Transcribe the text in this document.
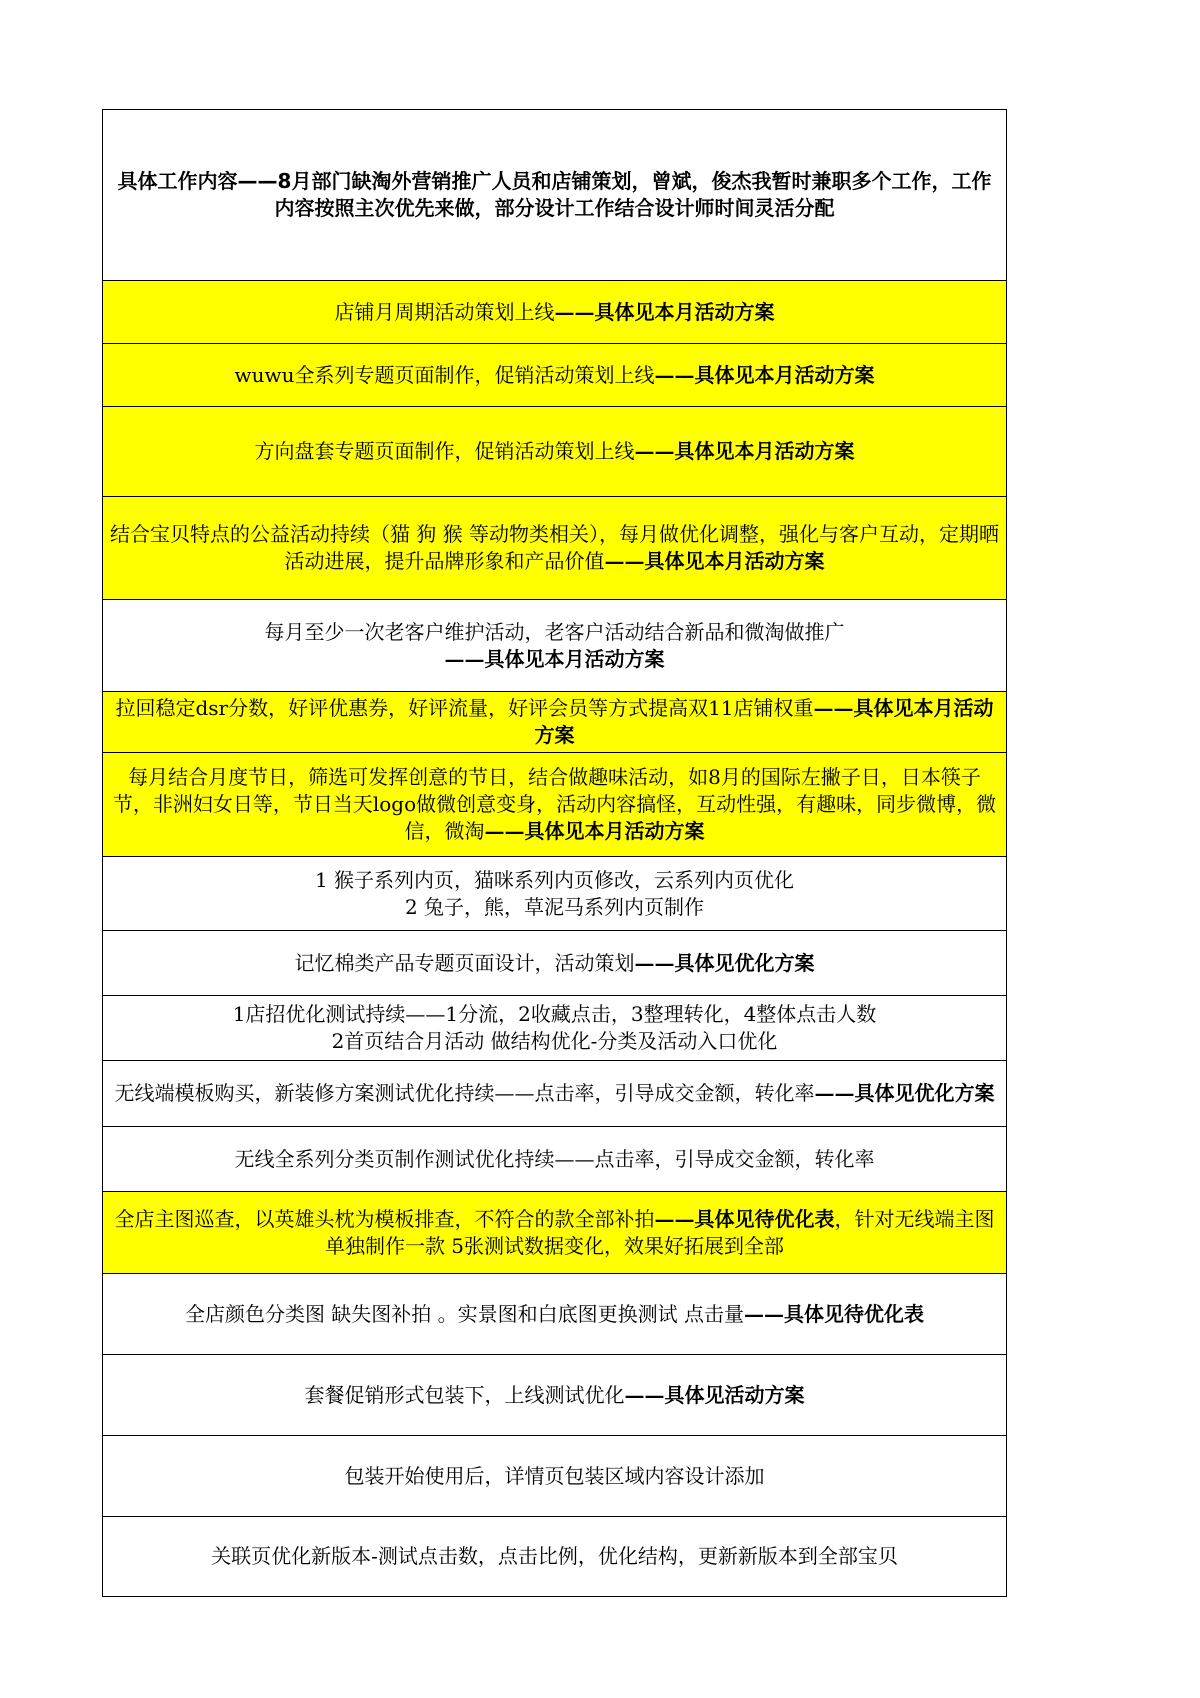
具体工作内容——8月部门缺淘外营销推广人员和店铺策划，曾斌，俊杰我暂时兼职多个工作，工作内容按照主次优先来做，部分设计工作结合设计师时间灵活分配
店铺月周期活动策划上线——具体见本月活动方案
wuwu全系列专题页面制作，促销活动策划上线——具体见本月活动方案
方向盘套专题页面制作，促销活动策划上线——具体见本月活动方案
结合宝贝特点的公益活动持续（猫 狗 猴 等动物类相关），每月做优化调整，强化与客户互动，定期晒活动进展，提升品牌形象和产品价值——具体见本月活动方案

每月至少一次老客户维护活动，老客户活动结合新品和微淘做推广
——具体见本月活动方案

拉回稳定dsr分数，好评优惠券，好评流量，好评会员等方式提高双11店铺权重——具体见本月活动方案
每月结合月度节日，筛选可发挥创意的节日，结合做趣味活动，如8月的国际左撇子日，日本筷子节，非洲妇女日等，节日当天logo做微创意变身，活动内容搞怪，互动性强，有趣味，同步微博，微信，微淘——具体见本月活动方案

1 猴子系列内页，猫咪系列内页修改，云系列内页优化
2 兔子，熊，草泥马系列内页制作

记忆棉类产品专题页面设计，活动策划——具体见优化方案

1店招优化测试持续——1分流，2收藏点击，3整理转化，4整体点击人数
2首页结合月活动 做结构优化-分类及活动入口优化

无线端模板购买，新装修方案测试优化持续——点击率，引导成交金额，转化率——具体见优化方案
无线全系列分类页制作测试优化持续——点击率，引导成交金额，转化率
全店主图巡查，以英雄头枕为模板排查，不符合的款全部补拍——具体见待优化表，针对无线端主图单独制作一款 5张测试数据变化，效果好拓展到全部
全店颜色分类图 缺失图补拍 。实景图和白底图更换测试 点击量——具体见待优化表
套餐促销形式包装下，上线测试优化——具体见活动方案
包装开始使用后，详情页包装区域内容设计添加
关联页优化新版本-测试点击数，点击比例，优化结构，更新新版本到全部宝贝
